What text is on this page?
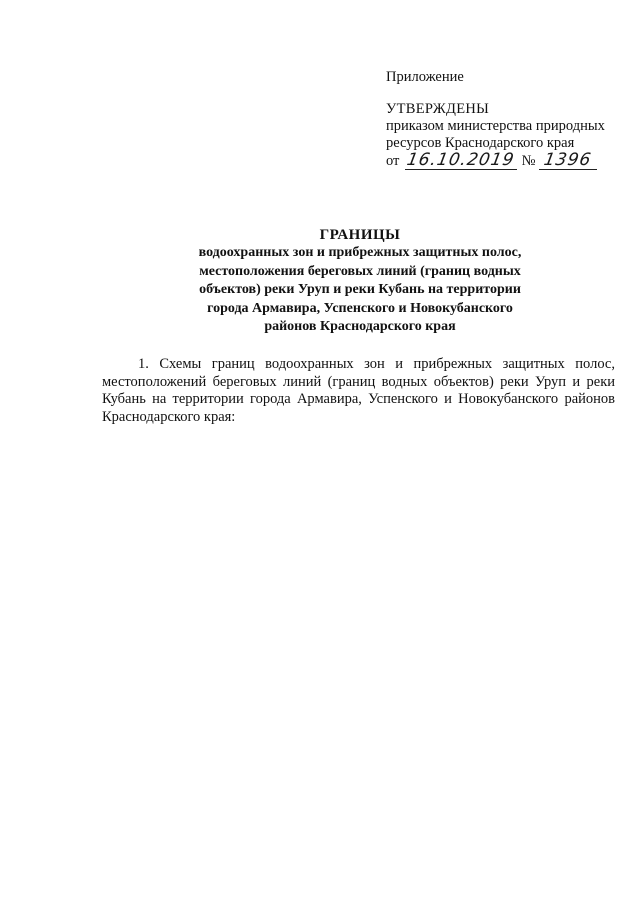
Приложение

УТВЕРЖДЕНЫ

приказом министерства природных

ресурсов Краснодарского края

от 16.10.2019 № 1396

ГРАНИЦЫ

водоохранных зон и прибрежных защитных полос,

местоположения береговых линий (границ водных

объектов) реки Уруп и реки Кубань на территории

города Армавира, Успенского и Новокубанского

районов Краснодарского края

1. Схемы границ водоохранных зон и прибрежных защитных полос,
местоположений береговых линий (границ водных объектов) реки Уруп и реки
Кубань на территории города Армавира, Успенского и Новокубанского районов
Краснодарского края:
